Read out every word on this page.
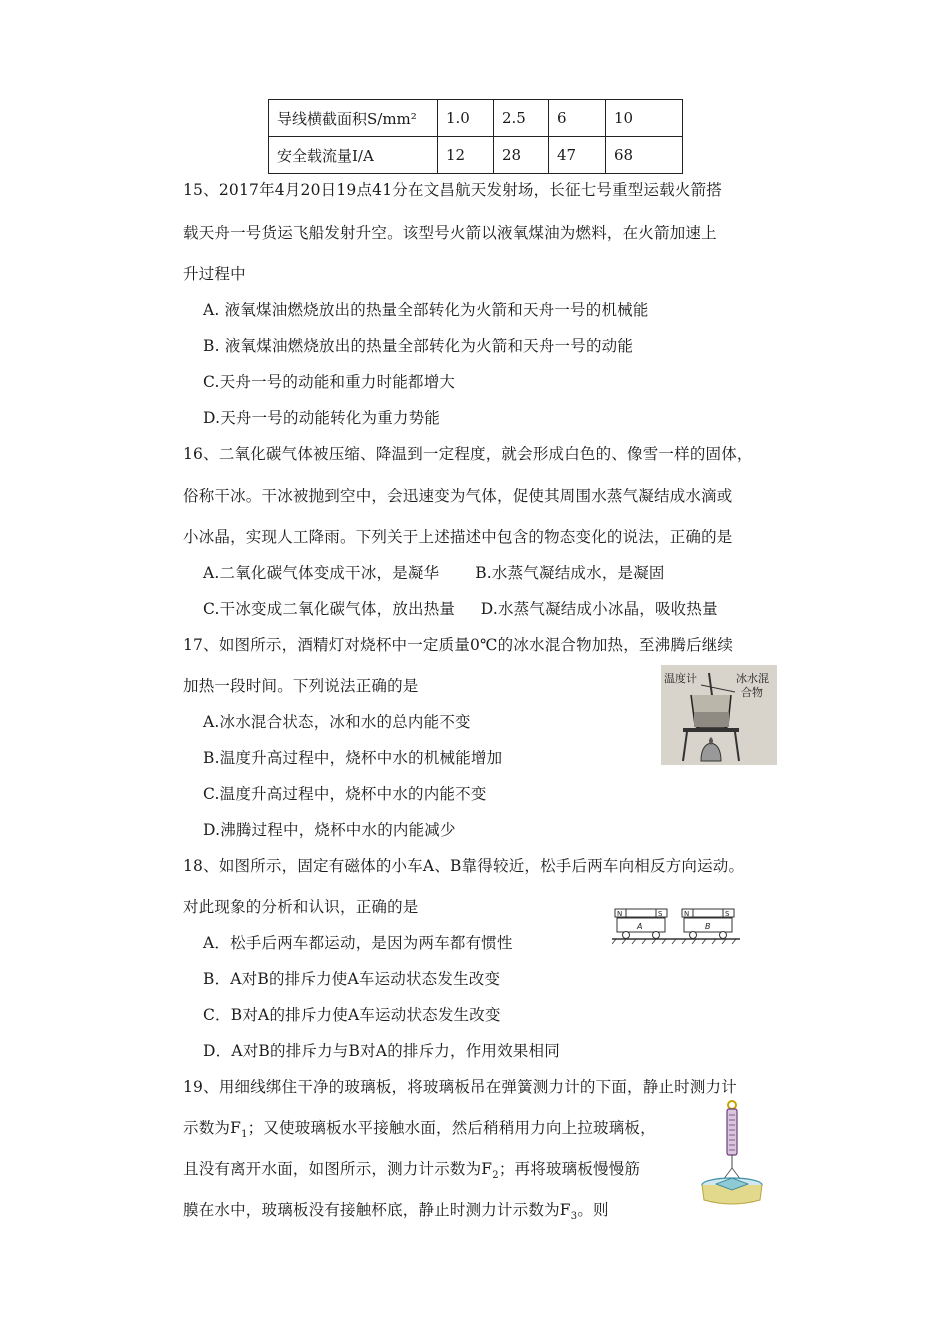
导线横截面积S/mm²	1.0	2.5	6	10
安全载流量I/A	12	28	47	68
15、2017年4月20日19点41分在文昌航天发射场，长征七号重型运载火箭搭
载天舟一号货运飞船发射升空。该型号火箭以液氧煤油为燃料，在火箭加速上
升过程中
A. 液氧煤油燃烧放出的热量全部转化为火箭和天舟一号的机械能
B. 液氧煤油燃烧放出的热量全部转化为火箭和天舟一号的动能
C.天舟一号的动能和重力时能都增大
D.天舟一号的动能转化为重力势能
16、二氧化碳气体被压缩、降温到一定程度，就会形成白色的、像雪一样的固体，
俗称干冰。干冰被抛到空中，会迅速变为气体，促使其周围水蒸气凝结成水滴或
小冰晶，实现人工降雨。下列关于上述描述中包含的物态变化的说法，正确的是
A.二氧化碳气体变成干冰，是凝华       B.水蒸气凝结成水，是凝固
C.干冰变成二氧化碳气体，放出热量     D.水蒸气凝结成小冰晶，吸收热量
17、如图所示，酒精灯对烧杯中一定质量0℃的冰水混合物加热，至沸腾后继续
加热一段时间。下列说法正确的是
A.冰水混合状态，冰和水的总内能不变
B.温度升高过程中，烧杯中水的机械能增加
C.温度升高过程中，烧杯中水的内能不变
D.沸腾过程中，烧杯中水的内能减少
温度计	冰水混
合物
18、如图所示，固定有磁体的小车A、B靠得较近，松手后两车向相反方向运动。
对此现象的分析和认识，正确的是
A．松手后两车都运动，是因为两车都有惯性
B．A对B的排斥力使A车运动状态发生改变
C．B对A的排斥力使A车运动状态发生改变
D．A对B的排斥力与B对A的排斥力，作用效果相同
N	S
A
N	S
B
19、用细线绑住干净的玻璃板，将玻璃板吊在弹簧测力计的下面，静止时测力计
示数为$F_1$；又使玻璃板水平接触水面，然后稍稍用力向上拉玻璃板，
且没有离开水面，如图所示，测力计示数为$F_2$；再将玻璃板慢慢筋
膜在水中，玻璃板没有接触杯底，静止时测力计示数为$F_3$。则
